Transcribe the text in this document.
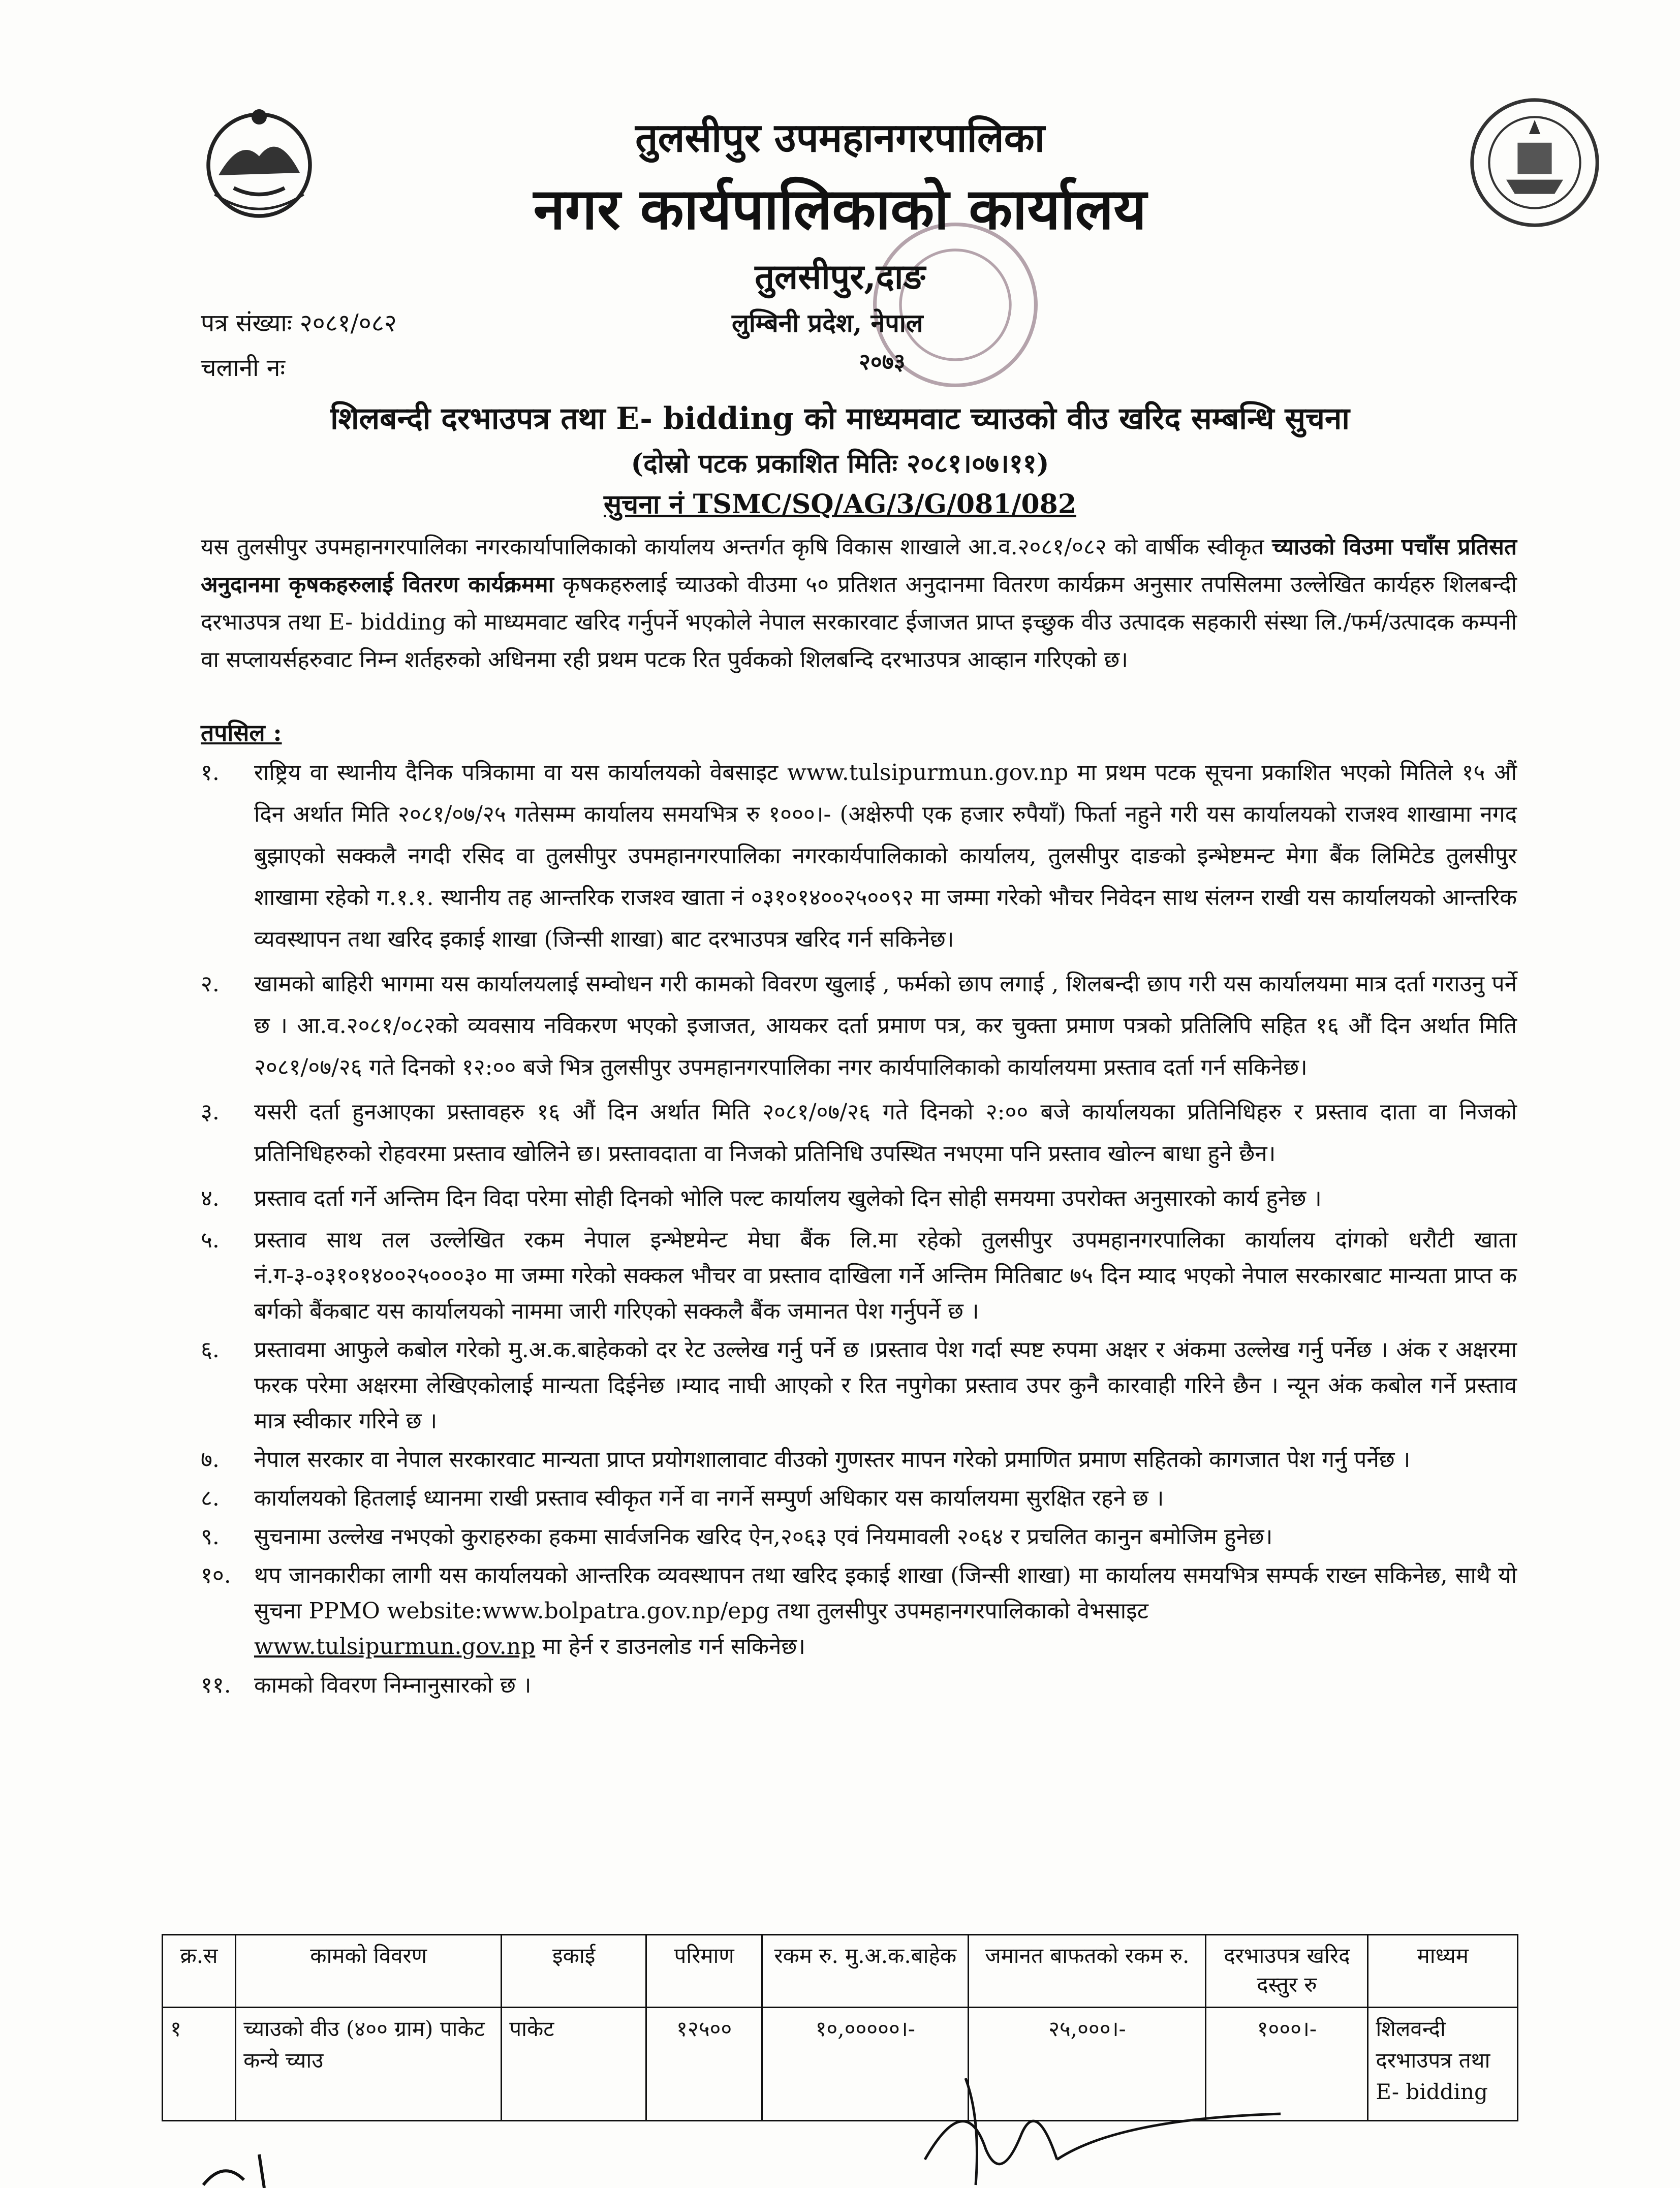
तुलसीपुर उपमहानगरपालिका
नगर कार्यपालिकाको कार्यालय
तुलसीपुर,दाङ
लुम्बिनी प्रदेश, नेपाल
२०७३
पत्र संख्याः २०८१/०८२
चलानी नः
शिलबन्दी दरभाउपत्र तथा E- bidding को माध्यमवाट च्याउको वीउ खरिद सम्बन्धि सुचना
(दोस्रो पटक प्रकाशित मितिः २०८१।०७।११)
सुचना नं TSMC/SQ/AG/3/G/081/082
यस तुलसीपुर उपमहानगरपालिका नगरकार्यापालिकाको कार्यालय अन्तर्गत कृषि विकास शाखाले आ.व.२०८१/०८२ को वार्षीक स्वीकृत च्याउको विउमा पचाँस प्रतिसत अनुदानमा कृषकहरुलाई वितरण कार्यक्रममा कृषकहरुलाई च्याउको वीउमा ५० प्रतिशत अनुदानमा वितरण कार्यक्रम अनुसार तपसिलमा उल्लेखित कार्यहरु शिलबन्दी दरभाउपत्र तथा E- bidding को माध्यमवाट खरिद गर्नुपर्ने भएकोले नेपाल सरकारवाट ईजाजत प्राप्त इच्छुक वीउ उत्पादक सहकारी संस्था लि./फर्म/उत्पादक कम्पनी वा सप्लायर्सहरुवाट निम्न शर्तहरुको अधिनमा रही प्रथम पटक रित पुर्वकको शिलबन्दि दरभाउपत्र आव्हान गरिएको छ।
तपसिल :
१.	राष्ट्रिय वा स्थानीय दैनिक पत्रिकामा वा यस कार्यालयको वेबसाइट www.tulsipurmun.gov.np मा प्रथम पटक सूचना प्रकाशित भएको मितिले १५ औं दिन अर्थात मिति २०८१/०७/२५ गतेसम्म कार्यालय समयभित्र रु १०००।- (अक्षेरुपी एक हजार रुपैयाँ) फिर्ता नहुने गरी यस कार्यालयको राजश्व शाखामा नगद बुझाएको सक्कलै नगदी रसिद वा तुलसीपुर उपमहानगरपालिका नगरकार्यपालिकाको कार्यालय, तुलसीपुर दाङको इन्भेष्टमन्ट मेगा बैंक लिमिटेड तुलसीपुर शाखामा रहेको ग.१.१. स्थानीय तह आन्तरिक राजश्व खाता नं ०३१०१४००२५००९२ मा जम्मा गरेको भौचर निवेदन साथ संलग्न राखी यस कार्यालयको आन्तरिक व्यवस्थापन तथा खरिद इकाई शाखा (जिन्सी शाखा) बाट दरभाउपत्र खरिद गर्न सकिनेछ।
२.	खामको बाहिरी भागमा यस कार्यालयलाई सम्वोधन गरी कामको विवरण खुलाई , फर्मको छाप लगाई , शिलबन्दी छाप गरी यस कार्यालयमा मात्र दर्ता गराउनु पर्ने छ । आ.व.२०८१/०८२को व्यवसाय नविकरण भएको इजाजत, आयकर दर्ता प्रमाण पत्र, कर चुक्ता प्रमाण पत्रको प्रतिलिपि सहित १६ औं दिन अर्थात मिति २०८१/०७/२६ गते दिनको १२:०० बजे भित्र तुलसीपुर उपमहानगरपालिका नगर कार्यपालिकाको कार्यालयमा प्रस्ताव दर्ता गर्न सकिनेछ।
३.	यसरी दर्ता हुनआएका प्रस्तावहरु १६ औं दिन अर्थात मिति २०८१/०७/२६ गते दिनको २:०० बजे कार्यालयका प्रतिनिधिहरु र प्रस्ताव दाता वा निजको प्रतिनिधिहरुको रोहवरमा प्रस्ताव खोलिने छ। प्रस्तावदाता वा निजको प्रतिनिधि उपस्थित नभएमा पनि प्रस्ताव खोल्न बाधा हुने छैन।
४.	प्रस्ताव दर्ता गर्ने अन्तिम दिन विदा परेमा सोही दिनको भोलि पल्ट कार्यालय खुलेको दिन सोही समयमा उपरोक्त अनुसारको कार्य हुनेछ ।
५.	प्रस्ताव साथ तल उल्लेखित रकम नेपाल इन्भेष्टमेन्ट मेघा बैंक लि.मा रहेको तुलसीपुर उपमहानगरपालिका कार्यालय दांगको धरौटी खाता नं.ग-३-०३१०१४००२५०००३० मा जम्मा गरेको सक्कल भौचर वा प्रस्ताव दाखिला गर्ने अन्तिम मितिबाट ७५ दिन म्याद भएको नेपाल सरकारबाट मान्यता प्राप्त क बर्गको बैंकबाट यस कार्यालयको नाममा जारी गरिएको सक्कलै बैंक जमानत पेश गर्नुपर्ने छ ।
६.	प्रस्तावमा आफुले कबोल गरेको मु.अ.क.बाहेकको दर रेट उल्लेख गर्नु पर्ने छ ।प्रस्ताव पेश गर्दा स्पष्ट रुपमा अक्षर र अंकमा उल्लेख गर्नु पर्नेछ । अंक र अक्षरमा फरक परेमा अक्षरमा लेखिएकोलाई मान्यता दिईनेछ ।म्याद नाघी आएको र रित नपुगेका प्रस्ताव उपर कुनै कारवाही गरिने छैन । न्यून अंक कबोल गर्ने प्रस्ताव मात्र स्वीकार गरिने छ ।
७.	नेपाल सरकार वा नेपाल सरकारवाट मान्यता प्राप्त प्रयोगशालावाट वीउको गुणस्तर मापन गरेको प्रमाणित प्रमाण सहितको कागजात पेश गर्नु पर्नेछ ।
८.	कार्यालयको हितलाई ध्यानमा राखी प्रस्ताव स्वीकृत गर्ने वा नगर्ने सम्पुर्ण अधिकार यस कार्यालयमा सुरक्षित रहने छ ।
९.	सुचनामा उल्लेख नभएको कुराहरुका हकमा सार्वजनिक खरिद ऐन,२०६३ एवं नियमावली २०६४ र प्रचलित कानुन बमोजिम हुनेछ।
१०.	थप जानकारीका लागी यस कार्यालयको आन्तरिक व्यवस्थापन तथा खरिद इकाई शाखा (जिन्सी शाखा) मा कार्यालय समयभित्र सम्पर्क राख्न सकिनेछ, साथै यो सुचना PPMO website:www.bolpatra.gov.np/epg तथा तुलसीपुर उपमहानगरपालिकाको वेभसाइट
www.tulsipurmun.gov.np मा हेर्न र डाउनलोड गर्न सकिनेछ।
११.	कामको विवरण निम्नानुसारको छ ।
क्र.स	कामको विवरण	इकाई	परिमाण	रकम रु. मु.अ.क.बाहेक	जमानत बाफतको रकम रु.	दरभाउपत्र खरिद दस्तुर रु	माध्यम
१	च्याउको वीउ (४०० ग्राम) पाकेट कन्ये च्याउ	पाकेट	१२५००	१०,०००००।-	२५,०००।-	१०००।-	शिलवन्दी दरभाउपत्र तथा E- bidding
